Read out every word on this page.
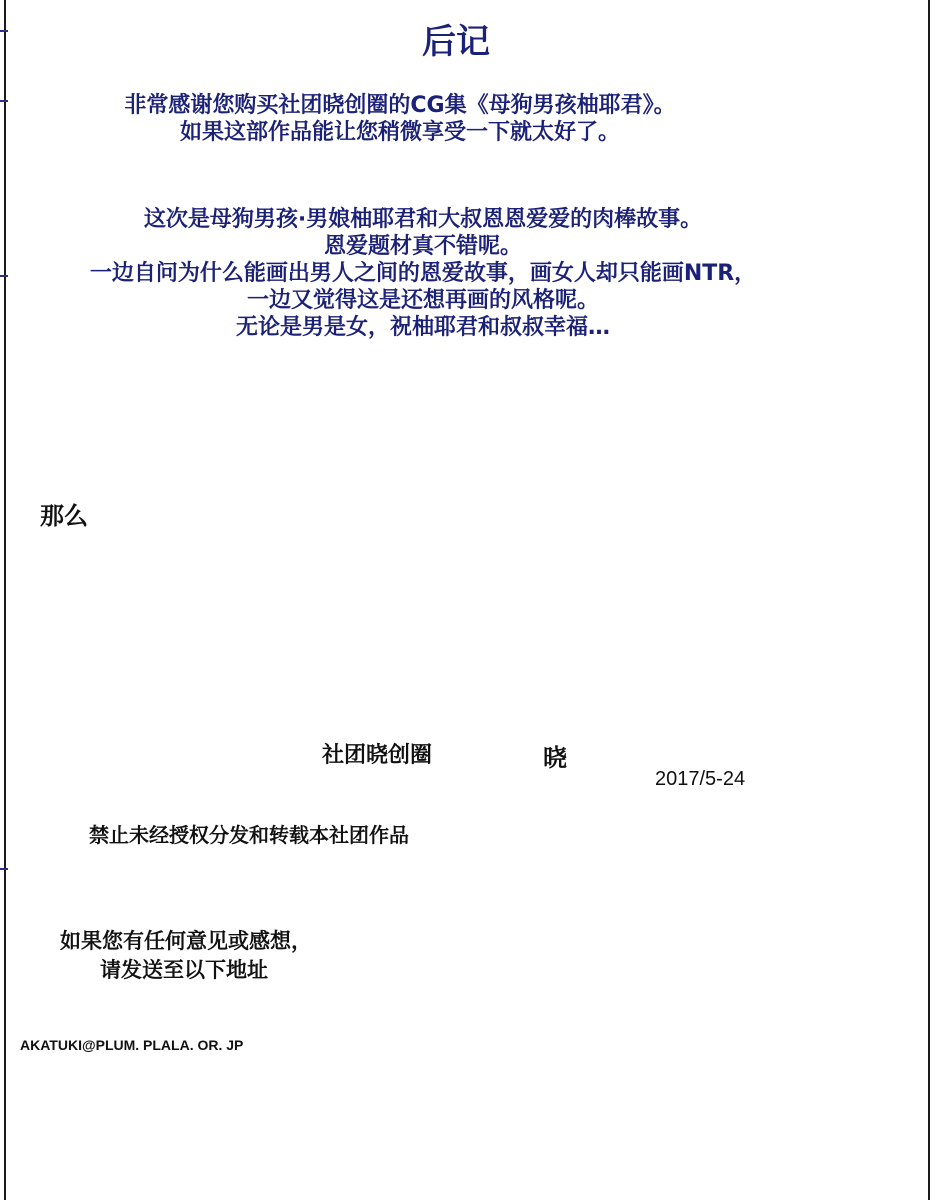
后记
非常感谢您购买社团晓创圈的CG集《母狗男孩柚耶君》。
如果这部作品能让您稍微享受一下就太好了。
这次是母狗男孩·男娘柚耶君和大叔恩恩爱爱的肉棒故事。
恩爱题材真不错呢。
一边自问为什么能画出男人之间的恩爱故事，画女人却只能画NTR，
一边又觉得这是还想再画的风格呢。
无论是男是女，祝柚耶君和叔叔幸福…
那么
社团晓创圈	晓
2017/5-24
禁止未经授权分发和转载本社团作品
如果您有任何意见或感想，
请发送至以下地址
AKATUKI@PLUM. PLALA. OR. JP
